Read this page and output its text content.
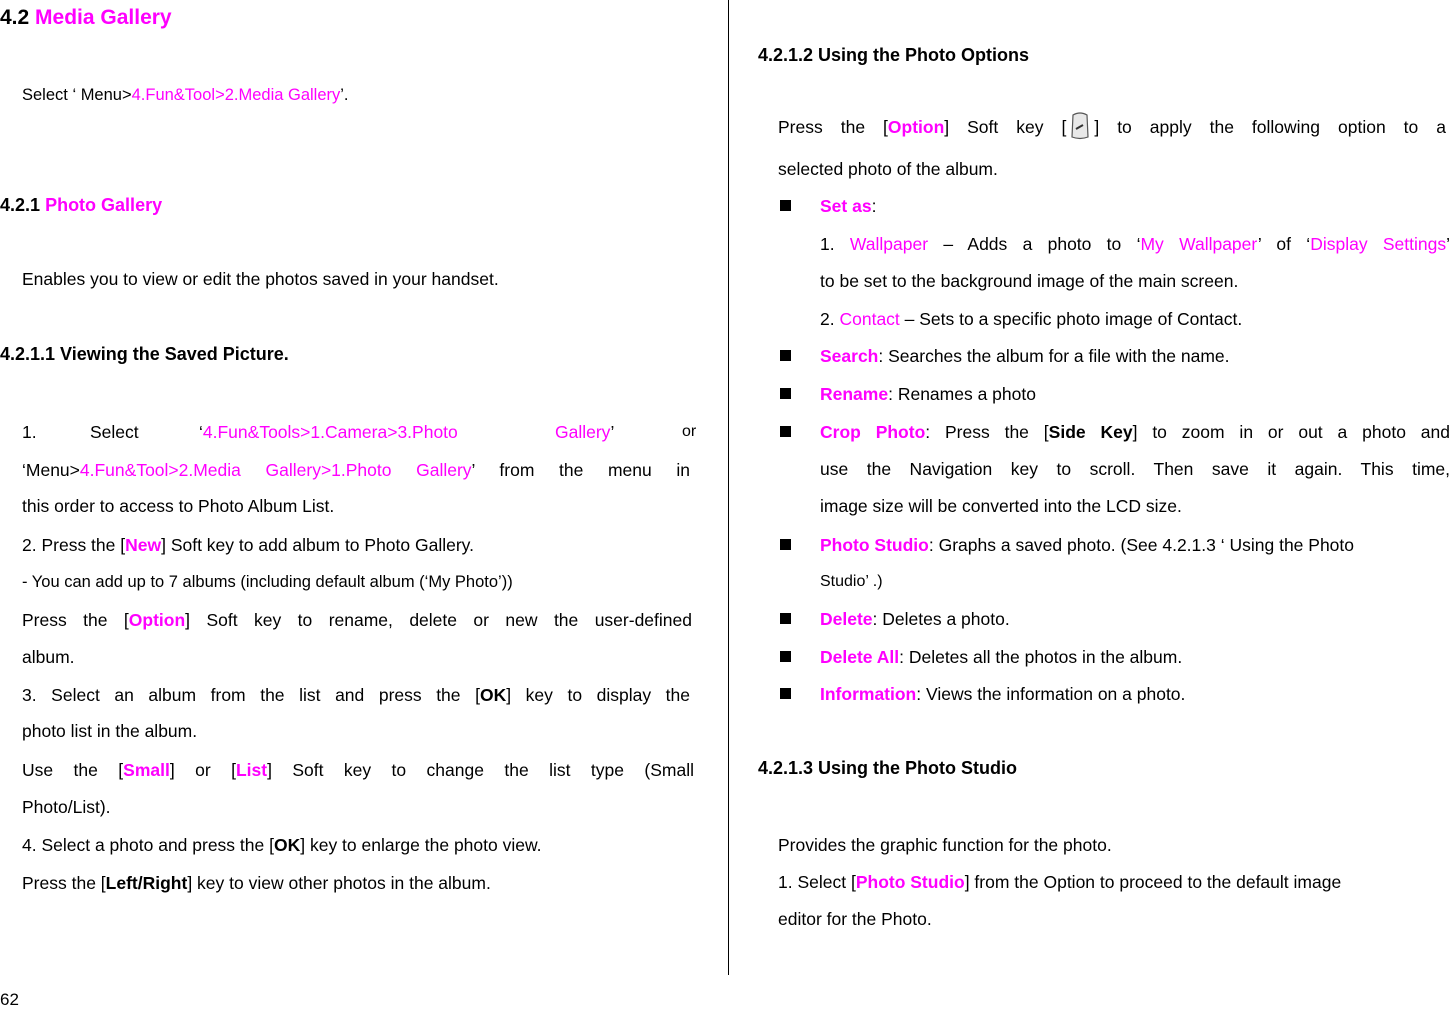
4.2 Media Gallery
Select ‘ Menu>4.Fun&Tool>2.Media Gallery’.
4.2.1 Photo Gallery
Enables you to view or edit the photos saved in your handset.
4.2.1.1 Viewing the Saved Picture.
1.	Select	‘4.Fun&Tools>1.Camera>3.Photo	Gallery’	or
‘Menu>4.Fun&Tool>2.Media Gallery>1.Photo Gallery’ from the menu in
this order to access to Photo Album List.
2. Press the [New] Soft key to add album to Photo Gallery.
- You can add up to 7 albums (including default album (‘My Photo’))
Press the [Option] Soft key to rename, delete or new the user-defined
album.
3. Select an album from the list and press the [OK] key to display the
photo list in the album.
Use the [Small] or [List] Soft key to change the list type (Small
Photo/List).
4. Select a photo and press the [OK] key to enlarge the photo view.
Press the [Left/Right] key to view other photos in the album.
62
4.2.1.2 Using the Photo Options
Press the [Option] Soft key [ ] to apply the following option to a
selected photo of the album.
Set as:
1. Wallpaper – Adds a photo to ‘My Wallpaper’ of ‘Display Settings’
to be set to the background image of the main screen.
2. Contact – Sets to a specific photo image of Contact.
Search: Searches the album for a file with the name.
Rename: Renames a photo
Crop Photo: Press the [Side Key] to zoom in or out a photo and
use the Navigation key to scroll. Then save it again. This time,
image size will be converted into the LCD size.
Photo Studio: Graphs a saved photo. (See 4.2.1.3 ‘ Using the Photo
Studio’ .)
Delete: Deletes a photo.
Delete All: Deletes all the photos in the album.
Information: Views the information on a photo.
4.2.1.3 Using the Photo Studio
Provides the graphic function for the photo.
1. Select [Photo Studio] from the Option to proceed to the default image
editor for the Photo.
